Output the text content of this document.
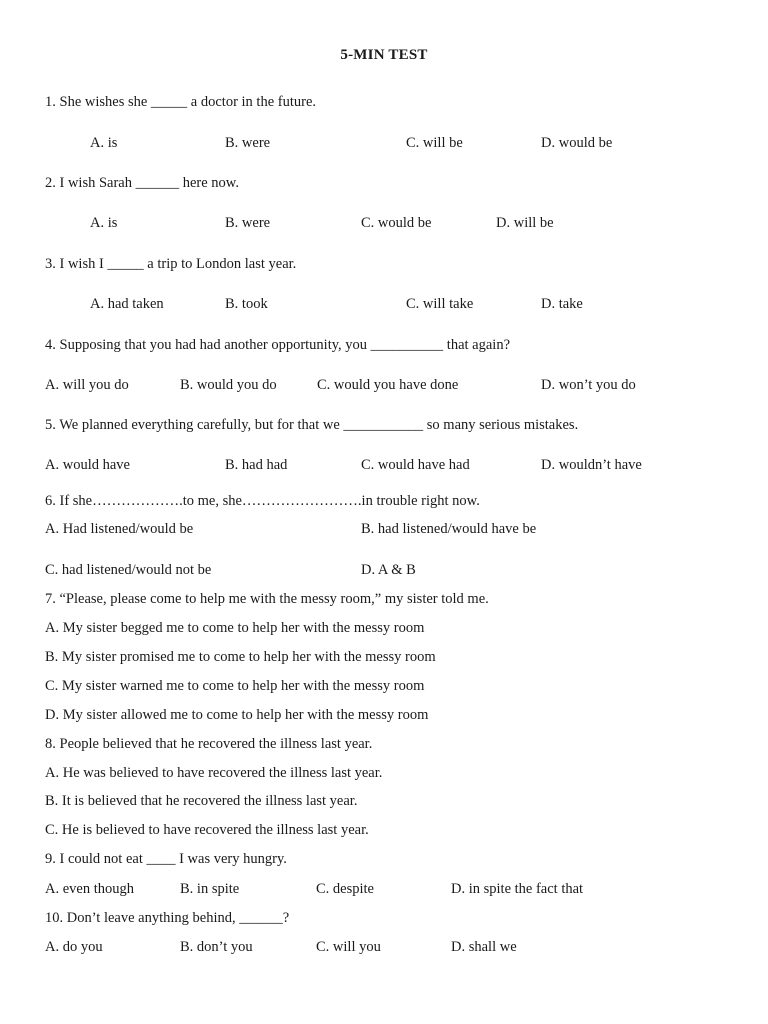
5-MIN TEST
1. She wishes she _____ a doctor in the future.
A. is	B. were	C. will be	D. would be
2. I wish Sarah ______ here now.
A. is	B. were	C. would be	D. will be
3. I wish I _____ a trip to London last year.
A. had taken	B. took	C. will take	D. take
4. Supposing that you had had another opportunity, you __________ that again?
A. will you do	B. would you do	C. would you have done	D. won’t you do
5. We planned everything carefully, but for that we ___________ so many serious mistakes.
A. would have	B. had had	C. would have had	D. wouldn’t have
6. If she……………….to me, she…………………….in trouble right now.
A. Had listened/would be	B. had listened/would have be
C. had listened/would not be	D. A & B
7. “Please, please come to help me with the messy room,” my sister told me.
A. My sister begged me to come to help her with the messy room
B. My sister promised me to come to help her with the messy room
C. My sister warned me to come to help her with the messy room
D. My sister allowed me to come to help her with the messy room
8. People believed that he recovered the illness last year.
A. He was believed to have recovered the illness last year.
B. It is believed that he recovered the illness last year.
C. He is believed to have recovered the illness last year.
9. I could not eat ____ I was very hungry.
A. even though	B. in spite	C. despite	D. in spite the fact that
10. Don’t leave anything behind, ______?
A. do you	B. don’t you	C. will you	D. shall we
